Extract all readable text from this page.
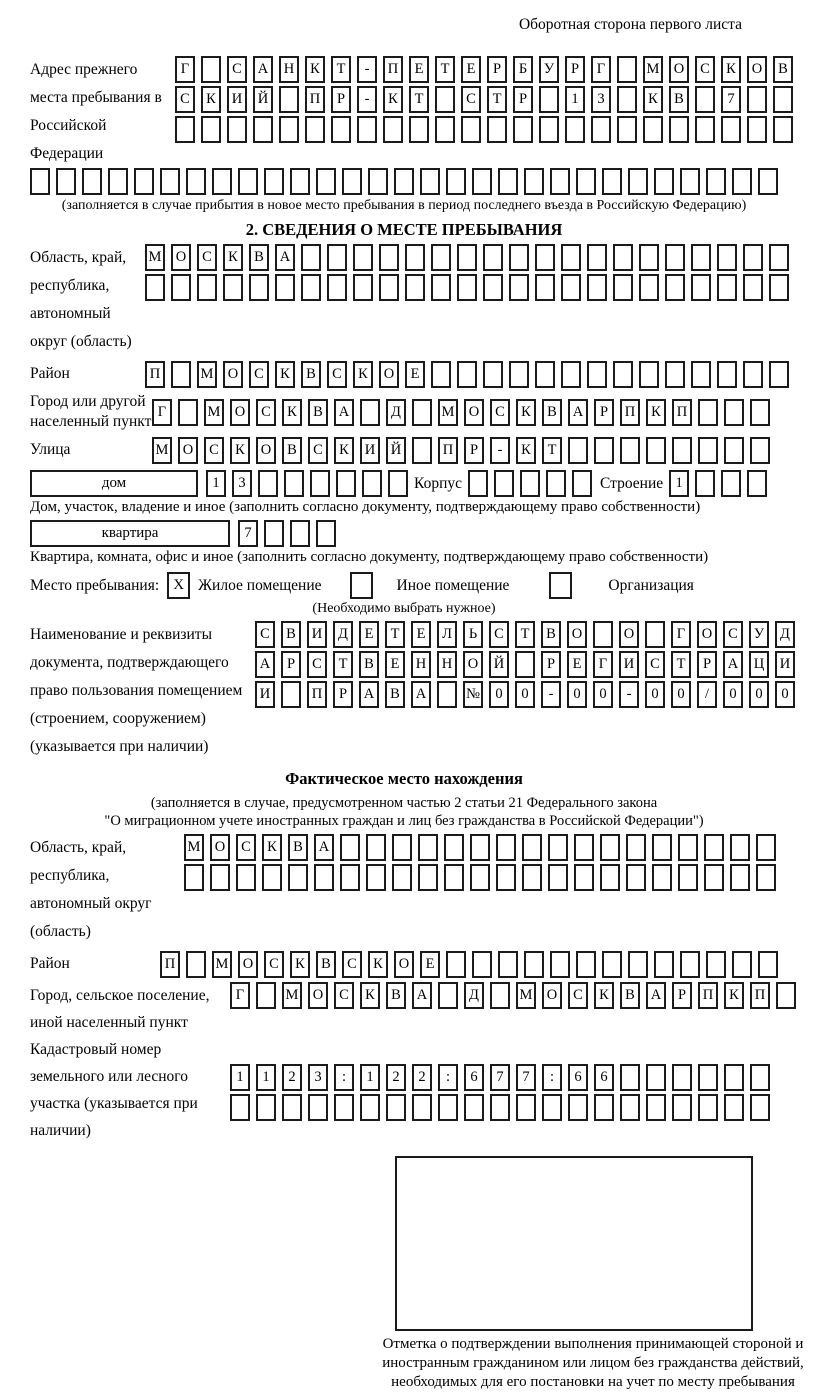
Оборотная сторона первого листа
Адрес прежнего места пребывания в Российской Федерации
Г	С	А	Н	К	Т	-	П	Е	Т	Е	Р	Б	У	Р	Г	М О	С	К	О	В
С	К	И	Й	П	Р	-	К	Т	С	Т	Р	1	3	К	В	7
(заполняется в случае прибытия в новое место пребывания в период последнего въезда в Российскую Федерацию)
2. СВЕДЕНИЯ О МЕСТЕ ПРЕБЫВАНИЯ
Область, край, республика, автономный округ (область)
М О	С	К	В	А
Район	П	М О	С	К	В	С	К	О	Е
Город или другой населенный пункт
Г	М О	С	К	В	А	Д	М О	С	К	В	А	Р	П	К	П
Улица	М О	С	К	О	В	С	К	И	Й	П	Р	-	К	Т
дом	1	3	Корпус	Строение 1
Дом, участок, владение и иное (заполнить согласно документу, подтверждающему право собственности)
квартира	7
Квартира, комната, офис и иное (заполнить согласно документу, подтверждающему право собственности)
Место пребывания: X Жилое помещение	Иное помещение	Организация
(Необходимо выбрать нужное)
Наименование и реквизиты документа, подтверждающего право пользования помещением (строением, сооружением) (указывается при наличии)
С	В	И	Д	Е	Т	Е	Л	Ь	С	Т	В	О	О	Г	О	С	У	Д
А	Р	С	Т	В	Е	Н	Н	О	Й	Р	Е	Г	И	С	Т	Р	А	Ц	И
И	П	Р	А	В	А	№	0	0	-	0	0	-	0	0	/	0	0	0
Фактическое место нахождения
(заполняется в случае, предусмотренном частью 2 статьи 21 Федерального закона
"О миграционном учете иностранных граждан и лиц без гражданства в Российской Федерации")
Область, край, республика, автономный округ (область)
М О	С	К	В	А
Район	П	М О	С	К	В	С	К	О	Е
Город, сельское поселение, иной населенный пункт
Г	М О	С	К	В	А	Д	М О	С	К	В	А	Р	П	К	П
Кадастровый номер земельного или лесного участка (указывается при наличии)
1	1	2	3	:	1	2	2	:	6	7	7	:	6	6
Отметка о подтверждении выполнения принимающей стороной и иностранным гражданином или лицом без гражданства действий, необходимых для его постановки на учет по месту пребывания
